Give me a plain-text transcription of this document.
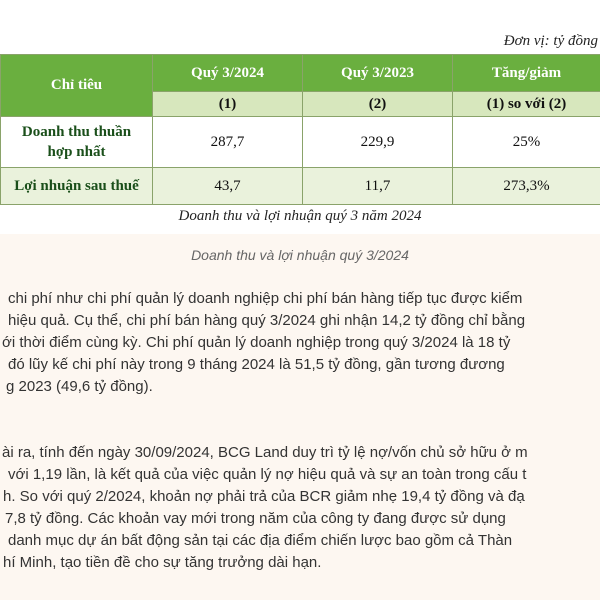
Đơn vị: tỷ đồng
Chỉ tiêu	Quý 3/2024	Quý 3/2023	Tăng/giảm
	(1)	(2)	(1) so với (2)
Doanh thu thuần
hợp nhất	287,7	229,9	25%
Lợi nhuận sau thuế	43,7	11,7	273,3%
Doanh thu và lợi nhuận quý 3 năm 2024
Doanh thu và lợi nhuận quý 3/2024
chi phí như chi phí quản lý doanh nghiệp chi phí bán hàng tiếp tục được kiểm
hiệu quả. Cụ thể, chi phí bán hàng quý 3/2024 ghi nhận 14,2 tỷ đồng chỉ bằng
ới thời điểm cùng kỳ. Chi phí quản lý doanh nghiệp trong quý 3/2024 là 18 tỷ
đó lũy kế chi phí này trong 9 tháng 2024 là 51,5 tỷ đồng, gần tương đương
g 2023 (49,6 tỷ đồng).
ài ra, tính đến ngày 30/09/2024, BCG Land duy trì tỷ lệ nợ/vốn chủ sở hữu ở m
với 1,19 lần, là kết quả của việc quản lý nợ hiệu quả và sự an toàn trong cấu t
h. So với quý 2/2024, khoản nợ phải trả của BCR giảm nhẹ 19,4 tỷ đồng và đạ
7,8 tỷ đồng. Các khoản vay mới trong năm của công ty đang được sử dụng
danh mục dự án bất động sản tại các địa điểm chiến lược bao gồm cả Thàn
hí Minh, tạo tiền đề cho sự tăng trưởng dài hạn.
